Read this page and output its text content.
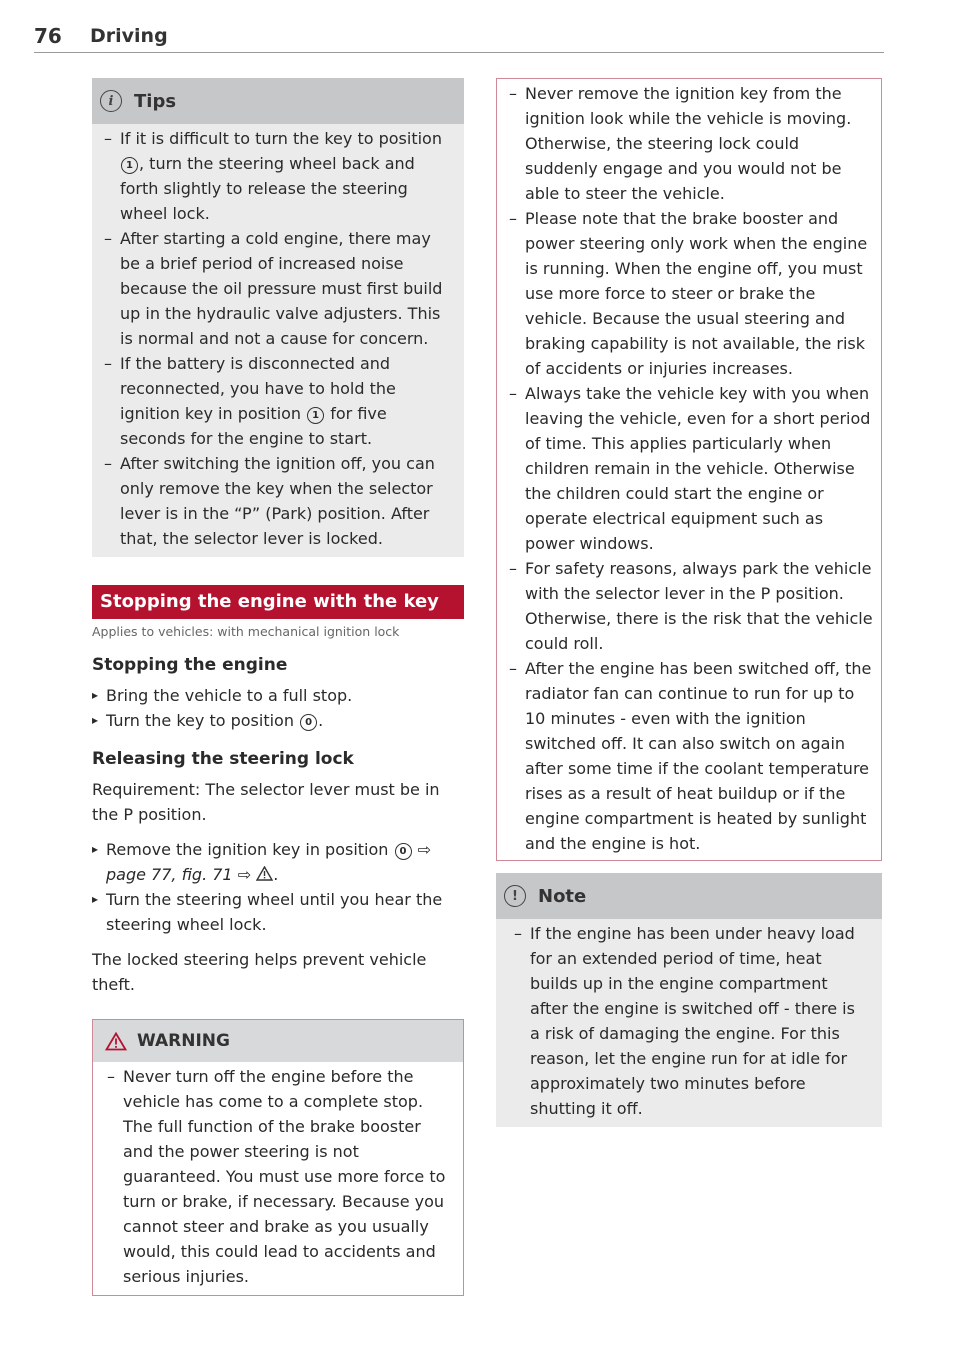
76 Driving
i	Tips
– If it is difficult to turn the key to position 1 , turn the steering wheel back and forth slightly to release the steering wheel lock.
– After starting a cold engine, there may be a brief period of increased noise because the oil pressure must first build up in the hydraulic valve adjusters. This is normal and not a cause for concern.
– If the battery is disconnected and reconnected, you have to hold the ignition key in position 1 for five seconds for the engine to start.
– After switching the ignition off, you can only remove the key when the selector lever is in the “P” (Park) position. After that, the selector lever is locked.
Stopping the engine with the key

Applies to vehicles: with mechanical ignition lock

Stopping the engine
▸ Bring the vehicle to a full stop.
▸ Turn the key to position 0 .
Releasing the steering lock

Requirement: The selector lever must be in the P position.

▸ Remove the ignition key in position 0 ⇨ page 77, fig. 71 ⇨ .
▸ Turn the steering wheel until you hear the steering wheel lock.

The locked steering helps prevent vehicle theft.

WARNING
– Never turn off the engine before the vehicle has come to a complete stop. The full function of the brake booster and the power steering is not guaranteed. You must use more force to turn or brake, if necessary. Because you cannot steer and brake as you usually would, this could lead to accidents and serious injuries.
– Never remove the ignition key from the ignition look while the vehicle is moving. Otherwise, the steering lock could suddenly engage and you would not be able to steer the vehicle.
– Please note that the brake booster and power steering only work when the engine is running. When the engine off, you must use more force to steer or brake the vehicle. Because the usual steering and braking capability is not available, the risk of accidents or injuries increases.
– Always take the vehicle key with you when leaving the vehicle, even for a short period of time. This applies particularly when children remain in the vehicle. Otherwise the children could start the engine or operate electrical equipment such as power windows.
– For safety reasons, always park the vehicle with the selector lever in the P position. Otherwise, there is the risk that the vehicle could roll.
– After the engine has been switched off, the radiator fan can continue to run for up to 10 minutes - even with the ignition switched off. It can also switch on again after some time if the coolant temperature rises as a result of heat buildup or if the engine compartment is heated by sunlight and the engine is hot.
!	Note
– If the engine has been under heavy load for an extended period of time, heat builds up in the engine compartment after the engine is switched off - there is a risk of damaging the engine. For this reason, let the engine run for at idle for approximately two minutes before shutting it off.
